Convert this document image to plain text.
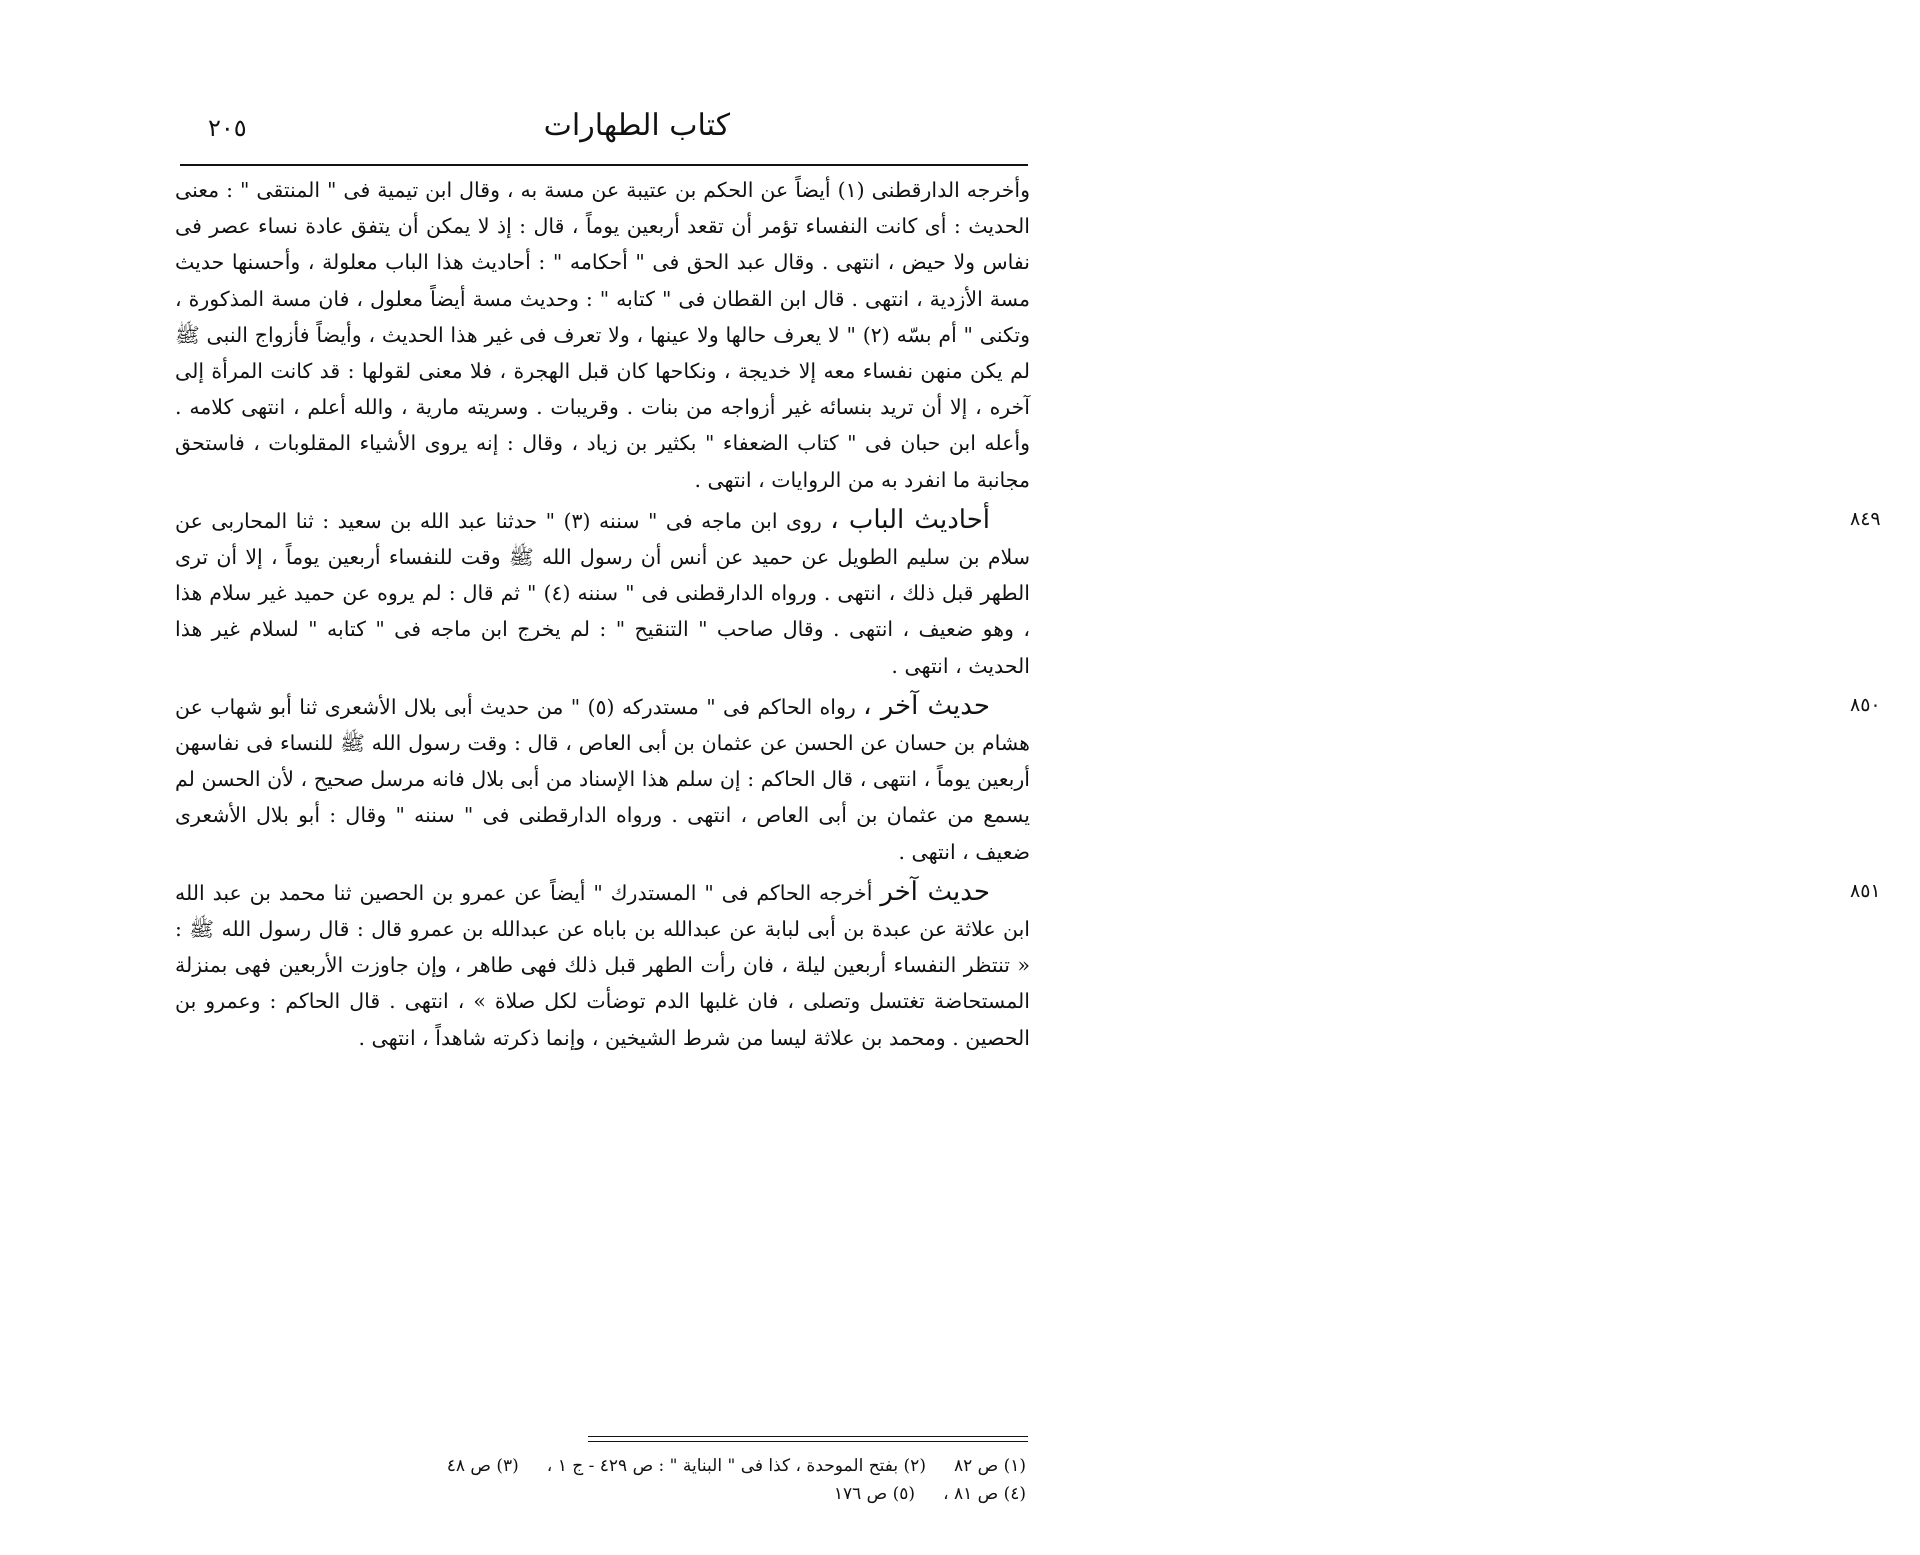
كتاب الطهارات
٢٠٥

وأخرجه الدارقطنى (١) أيضاً عن الحكم بن عتيبة عن مسة به ، وقال ابن تيمية فى " المنتقى " : معنى الحديث : أى كانت النفساء تؤمر أن تقعد أربعين يوماً ، قال : إذ لا يمكن أن يتفق عادة نساء عصر فى نفاس ولا حيض ، انتهى . وقال عبد الحق فى " أحكامه " : أحاديث هذا الباب معلولة ، وأحسنها حديث مسة الأزدية ، انتهى . قال ابن القطان فى " كتابه " : وحديث مسة أيضاً معلول ، فان مسة المذكورة ، وتكنى " أم بسّه (٢) " لا يعرف حالها ولا عينها ، ولا تعرف فى غير هذا الحديث ، وأيضاً فأزواج النبى ﷺ لم يكن منهن نفساء معه إلا خديجة ، ونكاحها كان قبل الهجرة ، فلا معنى لقولها : قد كانت المرأة إلى آخره ، إلا أن تريد بنسائه غير أزواجه من بنات . وقريبات . وسريته مارية ، والله أعلم ، انتهى كلامه . وأعله ابن حبان فى " كتاب الضعفاء " بكثير بن زياد ، وقال : إنه يروى الأشياء المقلوبات ، فاستحق مجانبة ما انفرد به من الروايات ، انتهى .

٨٤٩

أحاديث الباب ، روى ابن ماجه فى " سننه (٣) " حدثنا عبد الله بن سعيد : ثنا المحاربى عن سلام بن سليم الطويل عن حميد عن أنس أن رسول الله ﷺ وقت للنفساء أربعين يوماً ، إلا أن ترى الطهر قبل ذلك ، انتهى . ورواه الدارقطنى فى " سننه (٤) " ثم قال : لم يروه عن حميد غير سلام هذا ، وهو ضعيف ، انتهى . وقال صاحب " التنقيح " : لم يخرج ابن ماجه فى " كتابه " لسلام غير هذا الحديث ، انتهى .

٨٥٠

حديث آخر ، رواه الحاكم فى " مستدركه (٥) " من حديث أبى بلال الأشعرى ثنا أبو شهاب عن هشام بن حسان عن الحسن عن عثمان بن أبى العاص ، قال : وقت رسول الله ﷺ للنساء فى نفاسهن أربعين يوماً ، انتهى ، قال الحاكم : إن سلم هذا الإسناد من أبى بلال فانه مرسل صحيح ، لأن الحسن لم يسمع من عثمان بن أبى العاص ، انتهى . ورواه الدارقطنى فى " سننه " وقال : أبو بلال الأشعرى ضعيف ، انتهى .

٨٥١

حديث آخر أخرجه الحاكم فى " المستدرك " أيضاً عن عمرو بن الحصين ثنا محمد بن عبد الله ابن علاثة عن عبدة بن أبى لبابة عن عبدالله بن باباه عن عبدالله بن عمرو قال : قال رسول الله ﷺ : « تنتظر النفساء أربعين ليلة ، فان رأت الطهر قبل ذلك فهى طاهر ، وإن جاوزت الأربعين فهى بمنزلة المستحاضة تغتسل وتصلى ، فان غلبها الدم توضأت لكل صلاة » ، انتهى . قال الحاكم : وعمرو بن الحصين . ومحمد بن علاثة ليسا من شرط الشيخين ، وإنما ذكرته شاهداً ، انتهى .

(١) ص ٨٢
(٢) بفتح الموحدة ، كذا فى " البناية " : ص ٤٢٩ - ج ١ ،
(٣) ص ٤٨
(٤) ص ٨١ ،
(٥) ص ١٧٦
